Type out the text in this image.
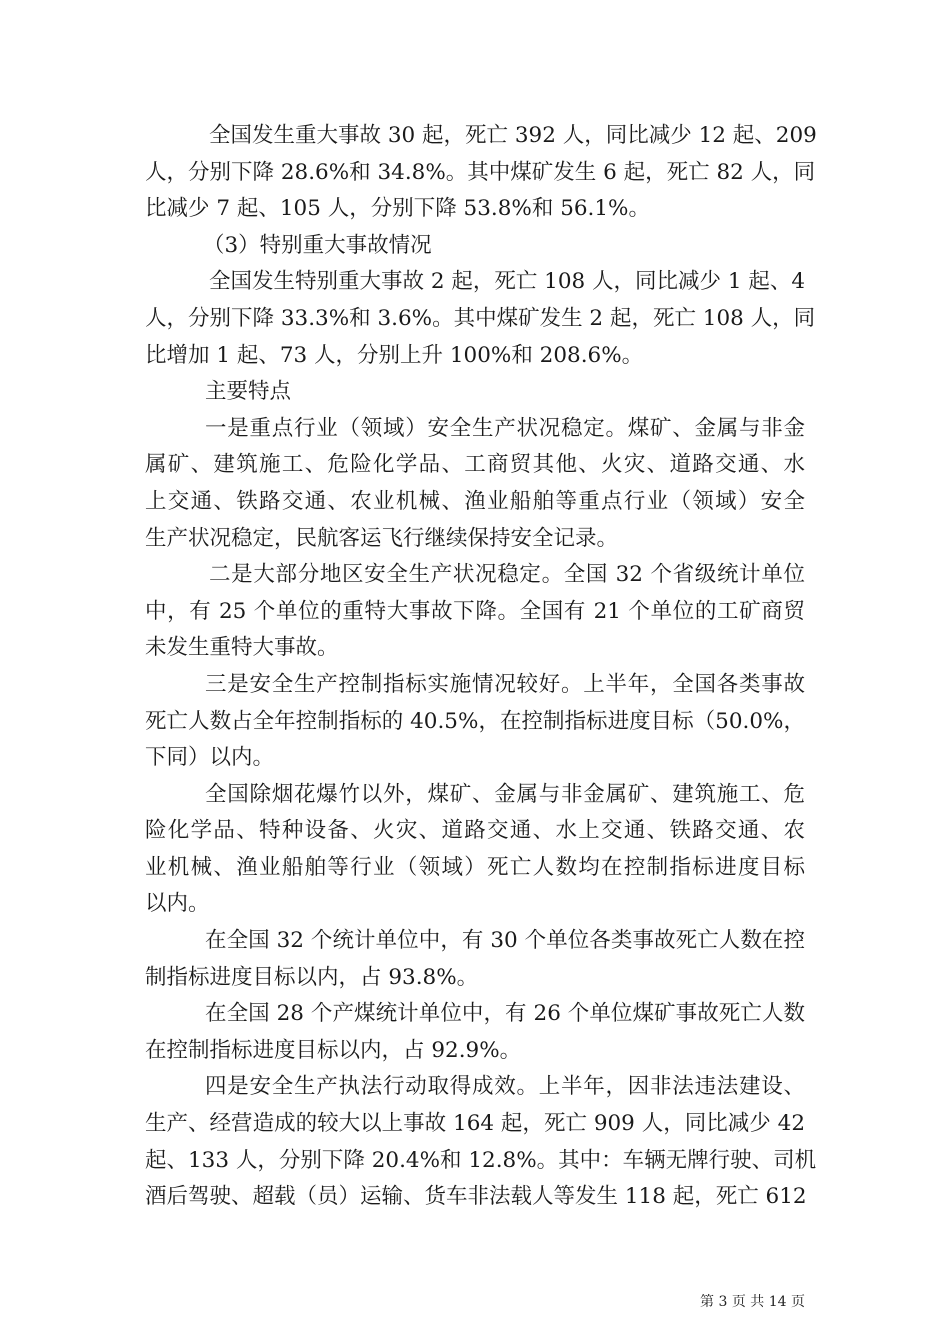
全国发生重大事故 30 起，死亡 392 人，同比减少 12 起、209
人，分别下降 28.6%和 34.8%。其中煤矿发生 6 起，死亡 82 人，同
比减少 7 起、105 人，分别下降 53.8%和 56.1%。
（3）特别重大事故情况
全国发生特别重大事故 2 起，死亡 108 人，同比减少 1 起、4
人，分别下降 33.3%和 3.6%。其中煤矿发生 2 起，死亡 108 人，同
比增加 1 起、73 人，分别上升 100%和 208.6%。
主要特点
一是重点行业（领域）安全生产状况稳定。煤矿、金属与非金
属矿、建筑施工、危险化学品、工商贸其他、火灾、道路交通、水
上交通、铁路交通、农业机械、渔业船舶等重点行业（领域）安全
生产状况稳定，民航客运飞行继续保持安全记录。
二是大部分地区安全生产状况稳定。全国 32 个省级统计单位
中，有 25 个单位的重特大事故下降。全国有 21 个单位的工矿商贸
未发生重特大事故。
三是安全生产控制指标实施情况较好。上半年，全国各类事故
死亡人数占全年控制指标的 40.5%，在控制指标进度目标（50.0%，
下同）以内。
全国除烟花爆竹以外，煤矿、金属与非金属矿、建筑施工、危
险化学品、特种设备、火灾、道路交通、水上交通、铁路交通、农
业机械、渔业船舶等行业（领域）死亡人数均在控制指标进度目标
以内。
在全国 32 个统计单位中，有 30 个单位各类事故死亡人数在控
制指标进度目标以内，占 93.8%。
在全国 28 个产煤统计单位中，有 26 个单位煤矿事故死亡人数
在控制指标进度目标以内，占 92.9%。
四是安全生产执法行动取得成效。上半年，因非法违法建设、
生产、经营造成的较大以上事故 164 起，死亡 909 人，同比减少 42
起、133 人，分别下降 20.4%和 12.8%。其中：车辆无牌行驶、司机
酒后驾驶、超载（员）运输、货车非法载人等发生 118 起，死亡 612
第 3 页 共 14 页
